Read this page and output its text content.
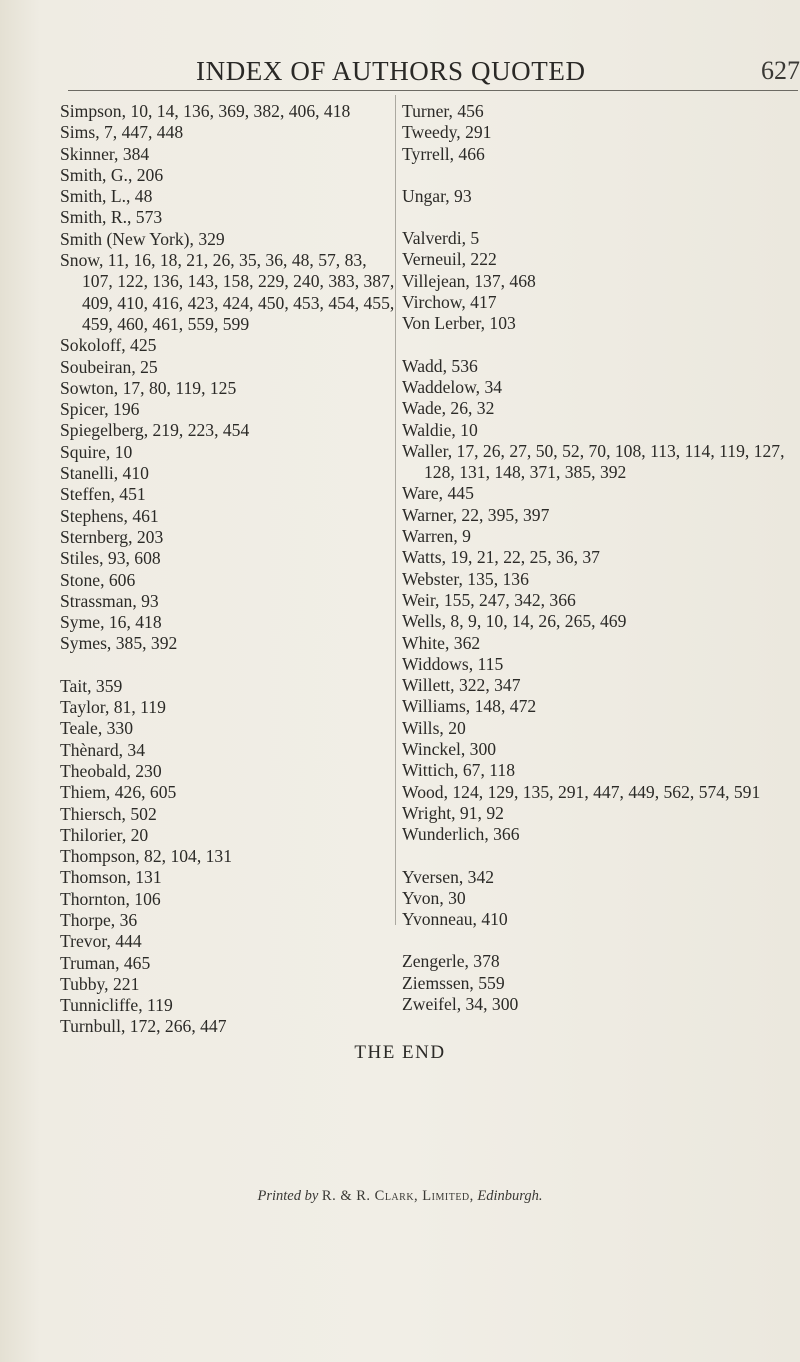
INDEX OF AUTHORS QUOTED	627

Simpson, 10, 14, 136, 369, 382, 406, 418

Sims, 7, 447, 448

Skinner, 384

Smith, G., 206

Smith, L., 48

Smith, R., 573

Smith (New York), 329

Snow, 11, 16, 18, 21, 26, 35, 36, 48, 57, 83, 107, 122, 136, 143, 158, 229, 240, 383, 387, 409, 410, 416, 423, 424, 450, 453, 454, 455, 459, 460, 461, 559, 599

Sokoloff, 425

Soubeiran, 25

Sowton, 17, 80, 119, 125

Spicer, 196

Spiegelberg, 219, 223, 454

Squire, 10

Stanelli, 410

Steffen, 451

Stephens, 461

Sternberg, 203

Stiles, 93, 608

Stone, 606

Strassman, 93

Syme, 16, 418

Symes, 385, 392

Tait, 359

Taylor, 81, 119

Teale, 330

Thènard, 34

Theobald, 230

Thiem, 426, 605

Thiersch, 502

Thilorier, 20

Thompson, 82, 104, 131

Thomson, 131

Thornton, 106

Thorpe, 36

Trevor, 444

Truman, 465

Tubby, 221

Tunnicliffe, 119

Turnbull, 172, 266, 447

Turner, 456

Tweedy, 291

Tyrrell, 466

Ungar, 93

Valverdi, 5

Verneuil, 222

Villejean, 137, 468

Virchow, 417

Von Lerber, 103

Wadd, 536

Waddelow, 34

Wade, 26, 32

Waldie, 10

Waller, 17, 26, 27, 50, 52, 70, 108, 113, 114, 119, 127, 128, 131, 148, 371, 385, 392

Ware, 445

Warner, 22, 395, 397

Warren, 9

Watts, 19, 21, 22, 25, 36, 37

Webster, 135, 136

Weir, 155, 247, 342, 366

Wells, 8, 9, 10, 14, 26, 265, 469

White, 362

Widdows, 115

Willett, 322, 347

Williams, 148, 472

Wills, 20

Winckel, 300

Wittich, 67, 118

Wood, 124, 129, 135, 291, 447, 449, 562, 574, 591

Wright, 91, 92

Wunderlich, 366

Yversen, 342

Yvon, 30

Yvonneau, 410

Zengerle, 378

Ziemssen, 559

Zweifel, 34, 300

THE END
Printed by R. & R. Clark, Limited, Edinburgh.
